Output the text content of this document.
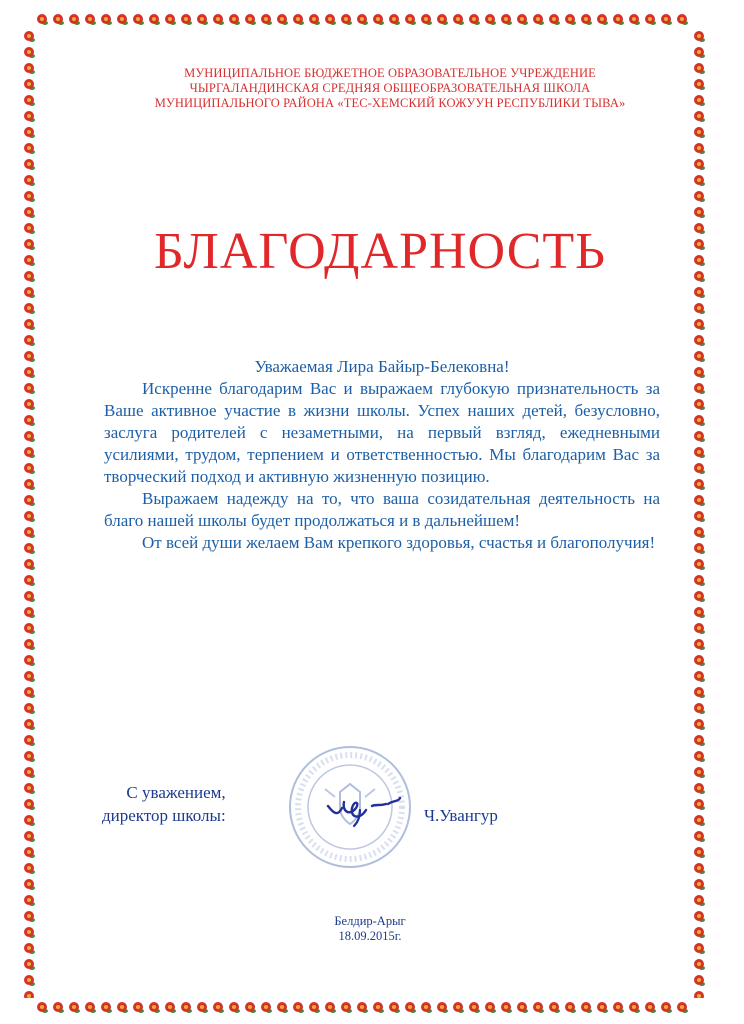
МУНИЦИПАЛЬНОЕ БЮДЖЕТНОЕ ОБРАЗОВАТЕЛЬНОЕ УЧРЕЖДЕНИЕ
ЧЫРГАЛАНДИНСКАЯ СРЕДНЯЯ ОБЩЕОБРАЗОВАТЕЛЬНАЯ ШКОЛА
МУНИЦИПАЛЬНОГО РАЙОНА «ТЕС-ХЕМСКИЙ КОЖУУН РЕСПУБЛИКИ ТЫВА»
БЛАГОДАРНОСТЬ
Уважаемая Лира Байыр-Белековна!

Искренне благодарим Вас и выражаем глубокую признательность за Ваше активное участие в жизни школы. Успех наших детей, безусловно, заслуга родителей с незаметными, на первый взгляд, ежедневными усилиями, трудом, терпением и ответственностью. Мы благодарим Вас за творческий подход и активную жизненную позицию.

Выражаем надежду на то, что ваша созидательная деятельность на благо нашей школы будет продолжаться и в дальнейшем!

От всей души желаем Вам крепкого здоровья, счастья и благополучия!

С уважением,
директор школы:	Ч.Увангур
Белдир-Арыг
18.09.2015г.
